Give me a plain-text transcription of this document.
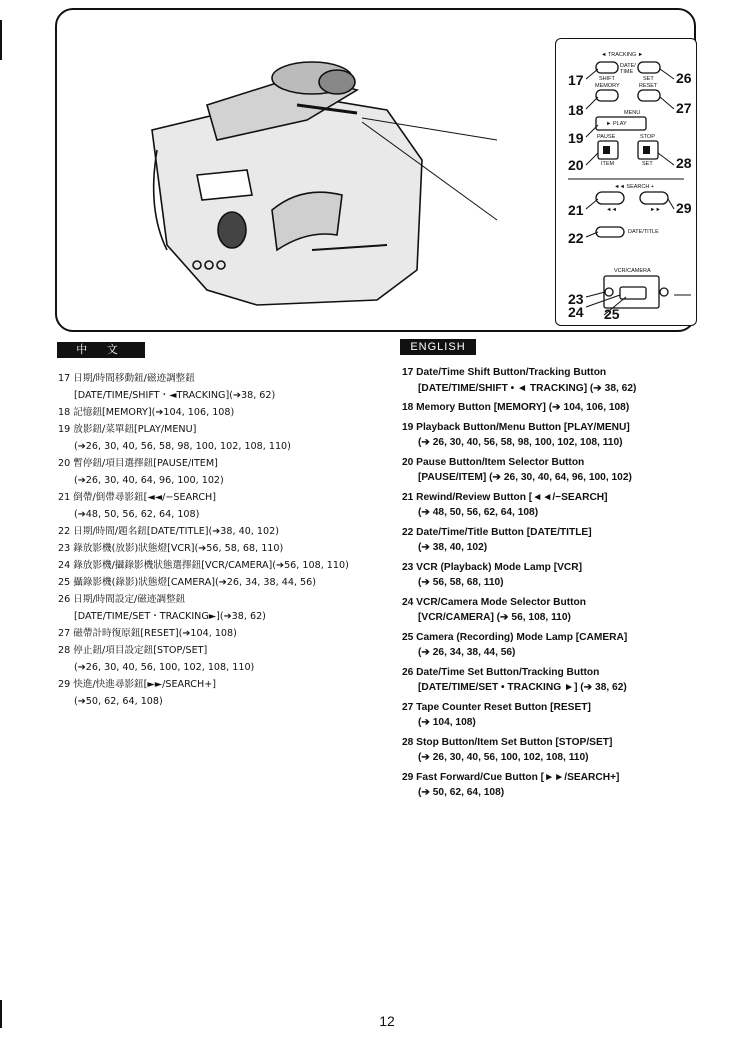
◄ TRACKING ►
DATE/ TIME
SHIFT	SET
MEMORY	RESET
MENU
► PLAY
PAUSE	STOP
ITEM	SET
◄◄ SEARCH +
◄◄	►►
DATE/TITLE
VCR/CAMERA
17
18
19
20
21
22
23
24 25
26
27
28
29
中 文	ENGLISH

17 日期/時間移動鈕/磁迹調整鈕
[DATE/TIME/SHIFT・◄TRACKING](➔38, 62)

18 記憶鈕[MEMORY](➔104, 106, 108)

19 放影鈕/菜單鈕[PLAY/MENU]
(➔26, 30, 40, 56, 58, 98, 100, 102, 108, 110)

20 暫停鈕/項目選擇鈕[PAUSE/ITEM]
(➔26, 30, 40, 64, 96, 100, 102)

21 倒帶/倒帶尋影鈕[◄◄/−SEARCH]
(➔48, 50, 56, 62, 64, 108)

22 日期/時間/題名鈕[DATE/TITLE](➔38, 40, 102)

23 錄放影機(放影)狀態燈[VCR](➔56, 58, 68, 110)

24 錄放影機/攝錄影機狀態選擇鈕[VCR/CAMERA](➔56, 108, 110)

25 攝錄影機(錄影)狀態燈[CAMERA](➔26, 34, 38, 44, 56)

26 日期/時間設定/磁迹調整鈕
[DATE/TIME/SET・TRACKING►](➔38, 62)

27 磁帶計時復原鈕[RESET](➔104, 108)

28 停止鈕/項目設定鈕[STOP/SET]
(➔26, 30, 40, 56, 100, 102, 108, 110)

29 快進/快進尋影鈕[►►/SEARCH+]
(➔50, 62, 64, 108)

17 Date/Time Shift Button/Tracking Button
[DATE/TIME/SHIFT • ◄ TRACKING] (➔ 38, 62)

18 Memory Button [MEMORY] (➔ 104, 106, 108)

19 Playback Button/Menu Button [PLAY/MENU]
(➔ 26, 30, 40, 56, 58, 98, 100, 102, 108, 110)

20 Pause Button/Item Selector Button
[PAUSE/ITEM] (➔ 26, 30, 40, 64, 96, 100, 102)

21 Rewind/Review Button [◄◄/−SEARCH]
(➔ 48, 50, 56, 62, 64, 108)

22 Date/Time/Title Button [DATE/TITLE]
(➔ 38, 40, 102)

23 VCR (Playback) Mode Lamp [VCR]
(➔ 56, 58, 68, 110)

24 VCR/Camera Mode Selector Button
[VCR/CAMERA] (➔ 56, 108, 110)

25 Camera (Recording) Mode Lamp [CAMERA]
(➔ 26, 34, 38, 44, 56)

26 Date/Time Set Button/Tracking Button
[DATE/TIME/SET • TRACKING ►] (➔ 38, 62)

27 Tape Counter Reset Button [RESET]
(➔ 104, 108)

28 Stop Button/Item Set Button [STOP/SET]
(➔ 26, 30, 40, 56, 100, 102, 108, 110)

29 Fast Forward/Cue Button [►►/SEARCH+]
(➔ 50, 62, 64, 108)

12
